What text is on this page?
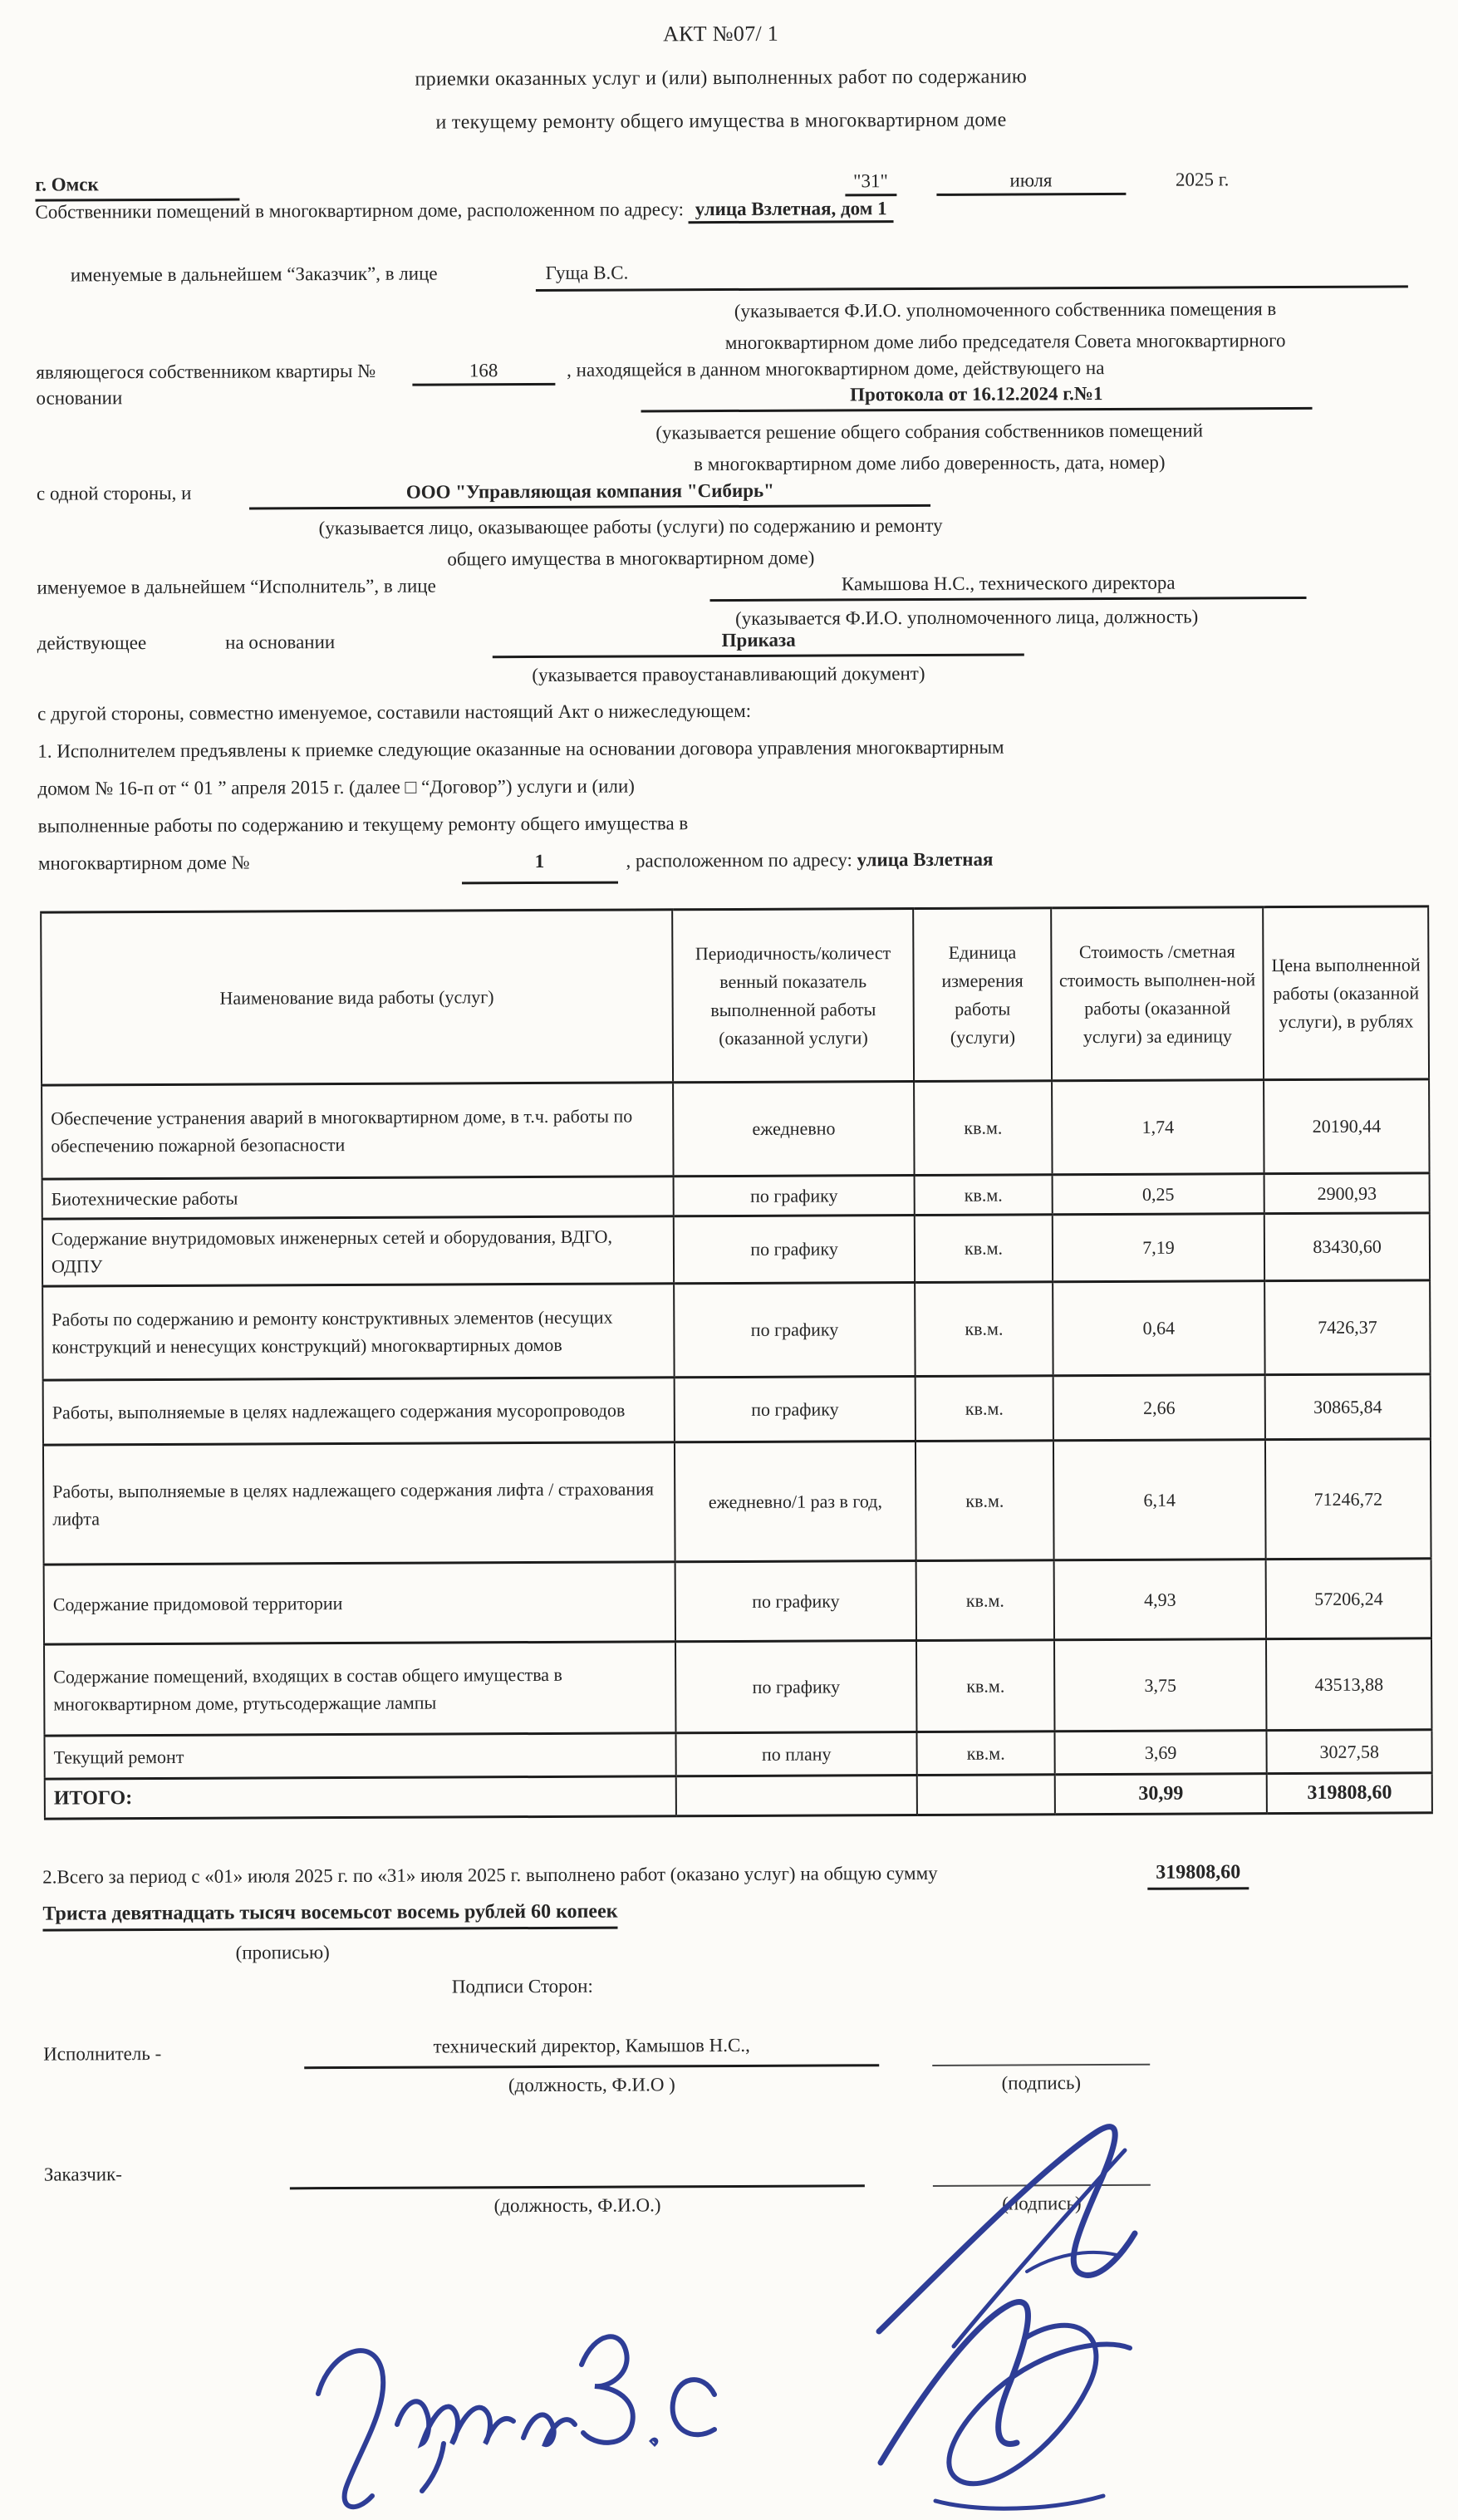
АКТ №07/ 1

приемки оказанных услуг и (или) выполненных работ по содержанию

и текущему ремонту общего имущества в многоквартирном доме

г. Омск	"31"	июля	2025 г.

Собственники помещений в многоквартирном доме, расположенном по адресу: улица Взлетная, дом 1

именуемые в дальнейшем “Заказчик”, в лице	Гуща В.С.
(указывается Ф.И.О. уполномоченного собственника помещения в
многоквартирном доме либо председателя Совета многоквартирного

являющегося собственником квартиры №	168	, находящейся в данном многоквартирном доме, действующего на

основании	Протокола от 16.12.2024 г.№1

(указывается решение общего собрания собственников помещений
в многоквартирном доме либо доверенность, дата, номер)

с одной стороны, и	ООО "Управляющая компания "Сибирь"

(указывается лицо, оказывающее работы (услуги) по содержанию и ремонту
общего имущества в многоквартирном доме)

именуемое в дальнейшем “Исполнитель”, в лице	Камышова Н.С., технического директора

(указывается Ф.И.О. уполномоченного лица, должность)

действующее	на основании	Приказа

(указывается правоустанавливающий документ)

с другой стороны, совместно именуемое, составили настоящий Акт о нижеследующем:

1. Исполнителем предъявлены к приемке следующие оказанные на основании договора управления многоквартирным

домом № 16-п от “ 01 ” апреля 2015 г. (далее □ “Договор”) услуги и (или)

выполненные работы по содержанию и текущему ремонту общего имущества в

многоквартирном доме №	1	, расположенном по адресу: улица Взлетная

Наименование вида работы (услуг)	Периодичность/количест венный показатель выполненной работы (оказанной услуги)	Единица измерения работы (услуги)	Стоимость /сметная стоимость выполнен-ной работы (оказанной услуги) за единицу	Цена выполненной работы (оказанной услуги), в рублях
Обеспечение устранения аварий в многоквартирном доме, в т.ч. работы по обеспечению пожарной безопасности	ежедневно	кв.м.	1,74	20190,44
Биотехнические работы	по графику	кв.м.	0,25	2900,93
Содержание внутридомовых инженерных сетей и оборудования, ВДГО, ОДПУ	по графику	кв.м.	7,19	83430,60
Работы по содержанию и ремонту конструктивных элементов (несущих конструкций и ненесущих конструкций) многоквартирных домов	по графику	кв.м.	0,64	7426,37
Работы, выполняемые в целях надлежащего содержания мусоропроводов	по графику	кв.м.	2,66	30865,84
Работы, выполняемые в целях надлежащего содержания лифта / страхования лифта	ежедневно/1 раз в год,	кв.м.	6,14	71246,72
Содержание придомовой территории	по графику	кв.м.	4,93	57206,24
Содержание помещений, входящих в состав общего имущества в многоквартирном доме, ртутьсодержащие лампы	по графику	кв.м.	3,75	43513,88
Текущий ремонт	по плану	кв.м.	3,69	3027,58
ИТОГО:			30,99	319808,60
2.Всего за период с «01» июля 2025 г. по «31» июля 2025 г. выполнено работ (оказано услуг) на общую сумму	319808,60
Триста девятнадцать тысяч восемьсот восемь рублей 60 копеек
(прописью)
Подписи Сторон:
Исполнитель -	технический директор, Камышов Н.С.,
(должность, Ф.И.О )	(подпись)
Заказчик-
(должность, Ф.И.О.)	(подпись)
